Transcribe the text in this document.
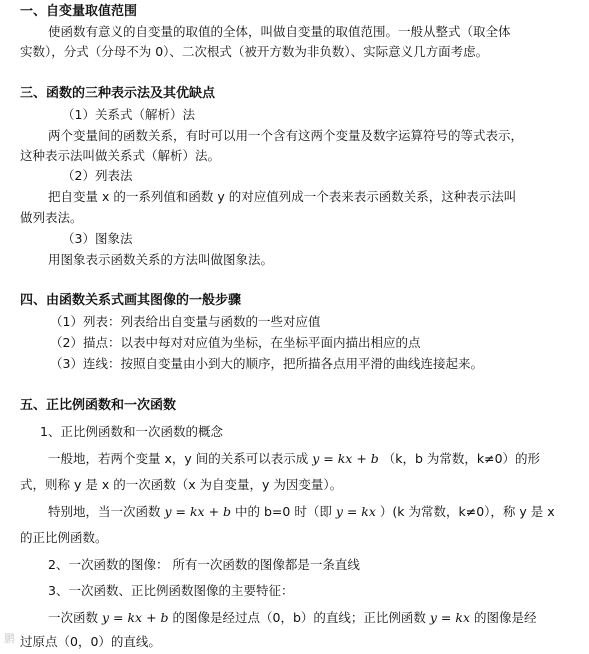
一、自变量取值范围
使函数有意义的自变量的取值的全体，叫做自变量的取值范围。一般从整式（取全体
实数），分式（分母不为 0）、二次根式（被开方数为非负数）、实际意义几方面考虑。
三、函数的三种表示法及其优缺点
（1）关系式（解析）法
两个变量间的函数关系，有时可以用一个含有这两个变量及数字运算符号的等式表示，
这种表示法叫做关系式（解析）法。
（2）列表法
把自变量 x 的一系列值和函数 y 的对应值列成一个表来表示函数关系，这种表示法叫
做列表法。
（3）图象法
用图象表示函数关系的方法叫做图象法。
四、由函数关系式画其图像的一般步骤
（1）列表：列表给出自变量与函数的一些对应值
（2）描点：以表中每对对应值为坐标，在坐标平面内描出相应的点
（3）连线：按照自变量由小到大的顺序，把所描各点用平滑的曲线连接起来。
五、正比例函数和一次函数
1、正比例函数和一次函数的概念
一般地，若两个变量 x，y 间的关系可以表示成 y = kx + b （k，b 为常数，k≠0）的形
式，则称 y 是 x 的一次函数（x 为自变量，y 为因变量）。
特别地，当一次函数 y = kx + b 中的 b=0 时（即 y = kx ）(k 为常数，k≠0），称 y 是 x
的正比例函数。
2、一次函数的图像： 所有一次函数的图像都是一条直线
3、一次函数、正比例函数图像的主要特征：
一次函数 y = kx + b 的图像是经过点（0，b）的直线；正比例函数 y = kx 的图像是经
过原点（0，0）的直线。
鹏
